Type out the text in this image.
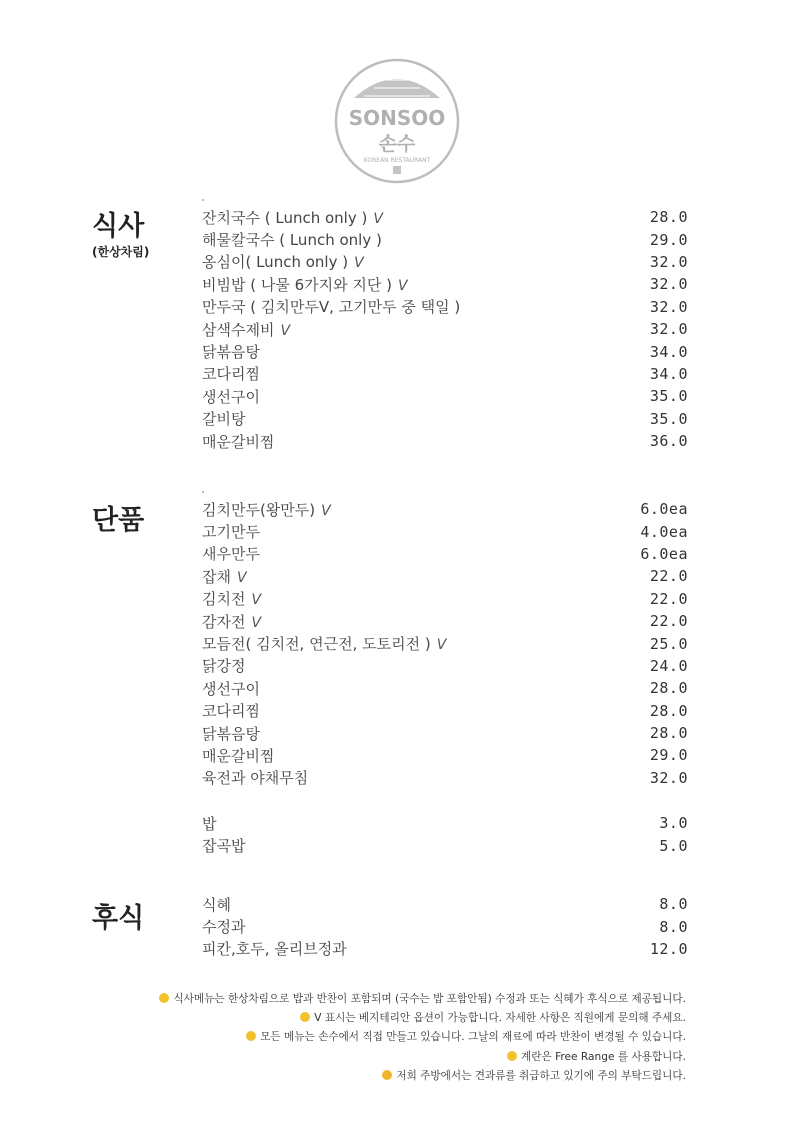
SONSOO
손수
KOREAN RESTAURANT
식사
(한상차림)
잔치국수 ( Lunch only ) V	28.0
해물칼국수 ( Lunch only )	29.0
옹심이( Lunch only ) V	32.0
비빔밥 ( 나물 6가지와 지단 ) V	32.0
만두국 ( 김치만두V, 고기만두 중 택일 )	32.0
삼색수제비 V	32.0
닭볶음탕	34.0
코다리찜	34.0
생선구이	35.0
갈비탕	35.0
매운갈비찜	36.0
단품	김치만두(왕만두) V	6.0ea
고기만두	4.0ea
새우만두	6.0ea
잡채 V	22.0
김치전 V	22.0
감자전 V	22.0
모듬전( 김치전, 연근전, 도토리전 ) V	25.0
닭강정	24.0
생선구이	28.0
코다리찜	28.0
닭볶음탕	28.0
매운갈비찜	29.0
육전과 야채무침	32.0
밥	3.0
잡곡밥	5.0
후식	식혜	8.0
수정과	8.0
피칸,호두, 올리브정과	12.0
식사메뉴는 한상차림으로 밥과 반찬이 포함되며 (국수는 밥 포함안됨) 수정과 또는 식혜가 후식으로 제공됩니다.
V 표시는 베지테리안 옵션이 가능합니다. 자세한 사항은 직원에게 문의해 주세요.
모든 메뉴는 손수에서 직접 만들고 있습니다. 그날의 재료에 따라 반찬이 변경될 수 있습니다.
계란은 Free Range 를 사용합니다.
저희 주방에서는 견과류를 취급하고 있기에 주의 부탁드립니다.
